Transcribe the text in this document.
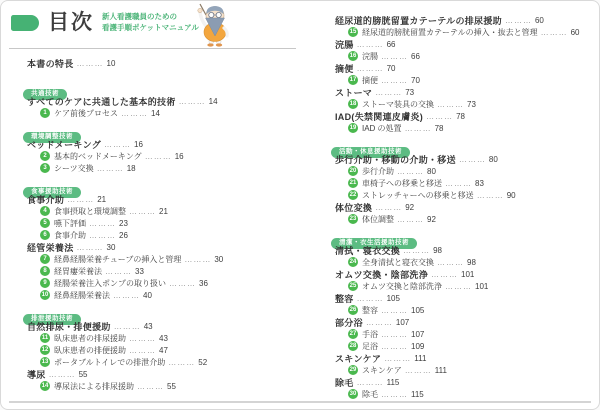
目次 新人看護職員のための
看護手順ポケットマニュアル
本書の特長 ……… 10
共通技術
すべてのケアに共通した基本的技術 ……… 14
1 ケア前後プロセス ……… 14
環境調整技術
ベッドメーキング ……… 16
2 基本的ベッドメーキング ……… 16
3 シーツ交換 ……… 18
食事援助技術
食事介助 ……… 21
4 食事摂取と環境調整 ……… 21
5 嚥下評価 ……… 23
6 食事介助 ……… 26
経管栄養法 ……… 30
7 経鼻経腸栄養チューブの挿入と管理 ……… 30
8 経胃瘻栄養法 ……… 33
9 経腸栄養注入ポンプの取り扱い ……… 36
10 経鼻経腸栄養法 ……… 40
排泄援助技術
自然排尿・排便援助 ……… 43
11 臥床患者の排尿援助 ……… 43
12 臥床患者の排便援助 ……… 47
13 ポータブルトイレでの排泄介助 ……… 52
導尿 ……… 55
14 導尿法による排尿援助 ……… 55
経尿道的膀胱留置カテーテルの排尿援助 ……… 60
15 経尿道的膀胱留置カテーテルの挿入・抜去と管理 ……… 60
浣腸 ……… 66
16 浣腸 ……… 66
摘便 ……… 70
17 摘便 ……… 70
ストーマ ……… 73
18 ストーマ装具の交換 ……… 73
IAD(失禁関連皮膚炎) ……… 78
19 IAD の処置 ……… 78
活動・休息援助技術
歩行介助・移動の介助・移送 ……… 80
20 歩行介助 ……… 80
21 車椅子への移乗と移送 ……… 83
22 ストレッチャーへの移乗と移送 ……… 90
体位変換 ……… 92
23 体位調整 ……… 92
清潔・衣生活援助技術
清拭・寝衣交換 ……… 98
24 全身清拭と寝衣交換 ……… 98
オムツ交換・陰部洗浄 ……… 101
25 オムツ交換と陰部洗浄 ……… 101
整容 ……… 105
26 整容 ……… 105
部分浴 ……… 107
27 手浴 ……… 107
28 足浴 ……… 109
スキンケア ……… 111
29 スキンケア ……… 111
除毛 ……… 115
30 除毛 ……… 115
